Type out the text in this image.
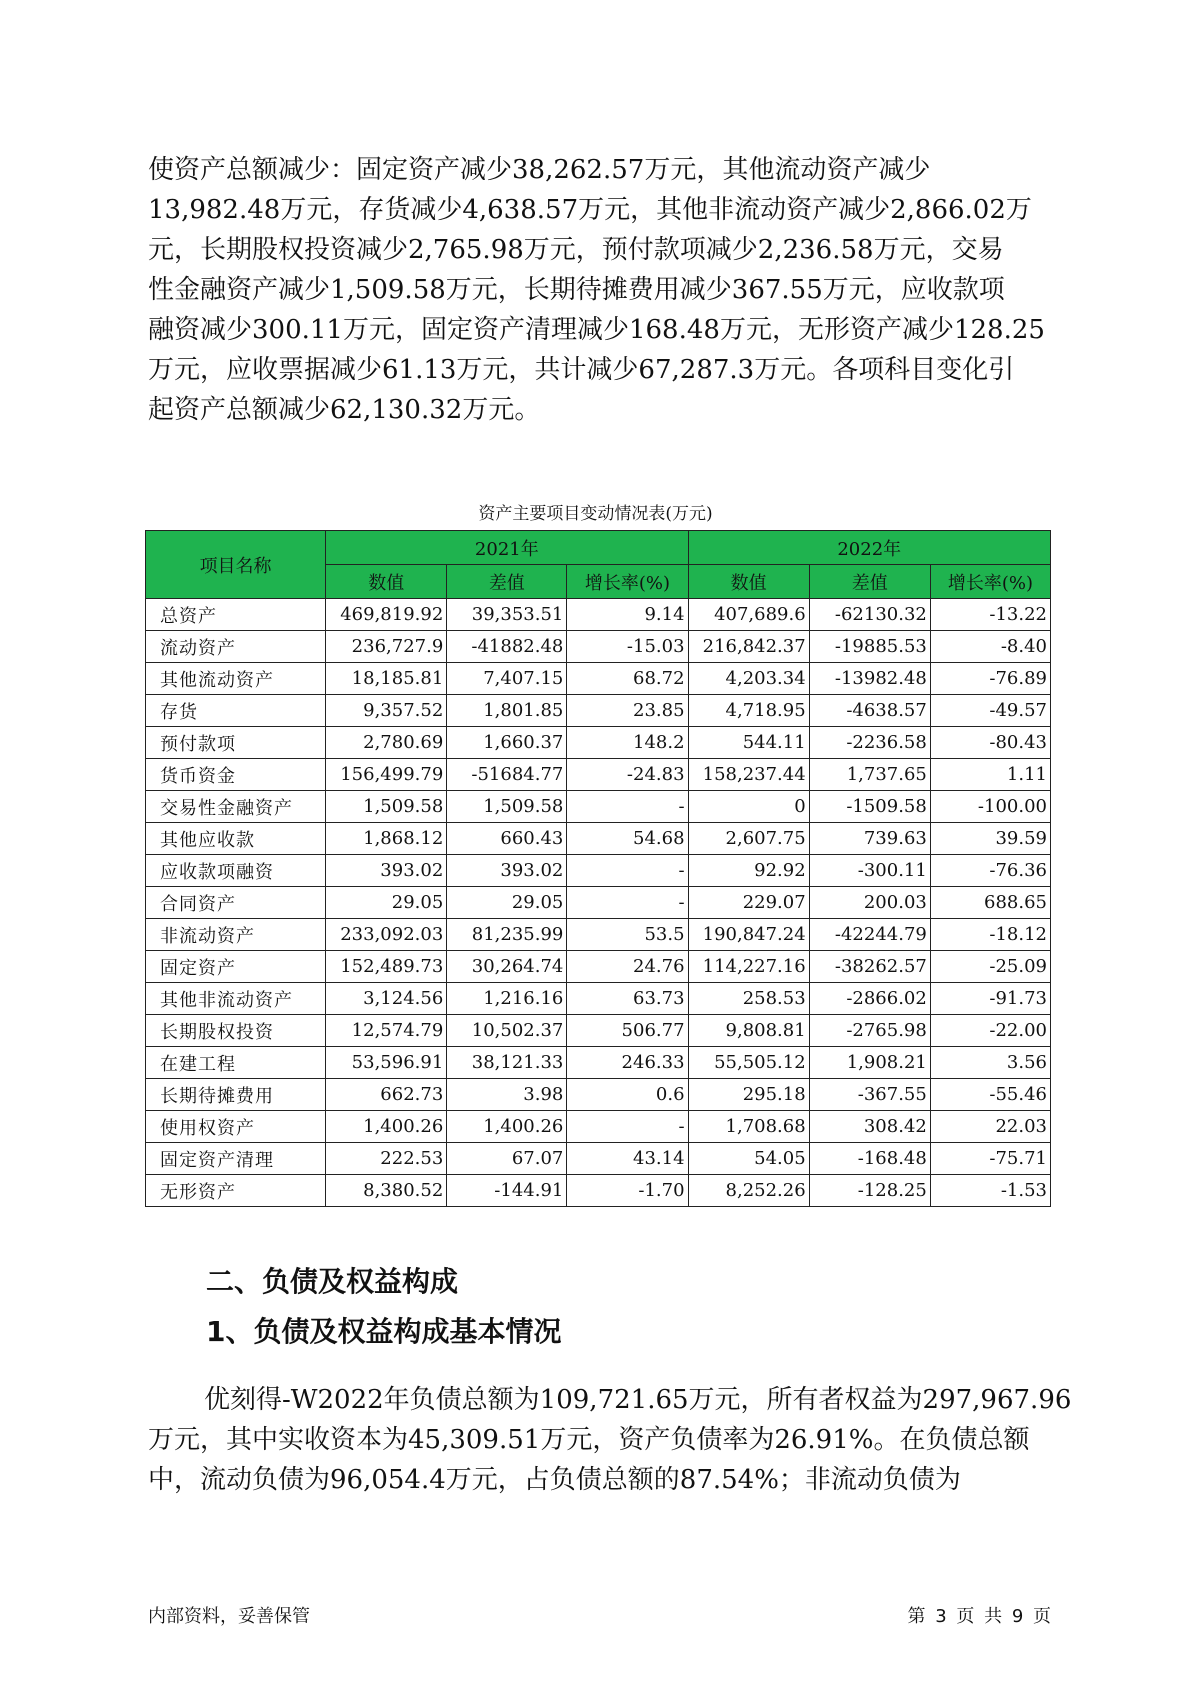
使资产总额减少：固定资产减少38,262.57万元，其他流动资产减少
13,982.48万元，存货减少4,638.57万元，其他非流动资产减少2,866.02万
元，长期股权投资减少2,765.98万元，预付款项减少2,236.58万元，交易
性金融资产减少1,509.58万元，长期待摊费用减少367.55万元，应收款项
融资减少300.11万元，固定资产清理减少168.48万元，无形资产减少128.25
万元，应收票据减少61.13万元，共计减少67,287.3万元。各项科目变化引
起资产总额减少62,130.32万元。
资产主要项目变动情况表(万元)
项目名称	2021年			2022年		
	数值	差值	增长率(%)	数值	差值	增长率(%)
总资产	469,819.92	39,353.51	9.14	407,689.6	-62130.32	-13.22
流动资产	236,727.9	-41882.48	-15.03	216,842.37	-19885.53	-8.40
其他流动资产	18,185.81	7,407.15	68.72	4,203.34	-13982.48	-76.89
存货	9,357.52	1,801.85	23.85	4,718.95	-4638.57	-49.57
预付款项	2,780.69	1,660.37	148.2	544.11	-2236.58	-80.43
货币资金	156,499.79	-51684.77	-24.83	158,237.44	1,737.65	1.11
交易性金融资产	1,509.58	1,509.58	-	0	-1509.58	-100.00
其他应收款	1,868.12	660.43	54.68	2,607.75	739.63	39.59
应收款项融资	393.02	393.02	-	92.92	-300.11	-76.36
合同资产	29.05	29.05	-	229.07	200.03	688.65
非流动资产	233,092.03	81,235.99	53.5	190,847.24	-42244.79	-18.12
固定资产	152,489.73	30,264.74	24.76	114,227.16	-38262.57	-25.09
其他非流动资产	3,124.56	1,216.16	63.73	258.53	-2866.02	-91.73
长期股权投资	12,574.79	10,502.37	506.77	9,808.81	-2765.98	-22.00
在建工程	53,596.91	38,121.33	246.33	55,505.12	1,908.21	3.56
长期待摊费用	662.73	3.98	0.6	295.18	-367.55	-55.46
使用权资产	1,400.26	1,400.26	-	1,708.68	308.42	22.03
固定资产清理	222.53	67.07	43.14	54.05	-168.48	-75.71
无形资产	8,380.52	-144.91	-1.70	8,252.26	-128.25	-1.53
二、负债及权益构成
1、负债及权益构成基本情况
优刻得-W2022年负债总额为109,721.65万元，所有者权益为297,967.96
万元，其中实收资本为45,309.51万元，资产负债率为26.91%。在负债总额
中，流动负债为96,054.4万元，占负债总额的87.54%；非流动负债为
内部资料，妥善保管	第 3 页 共 9 页
